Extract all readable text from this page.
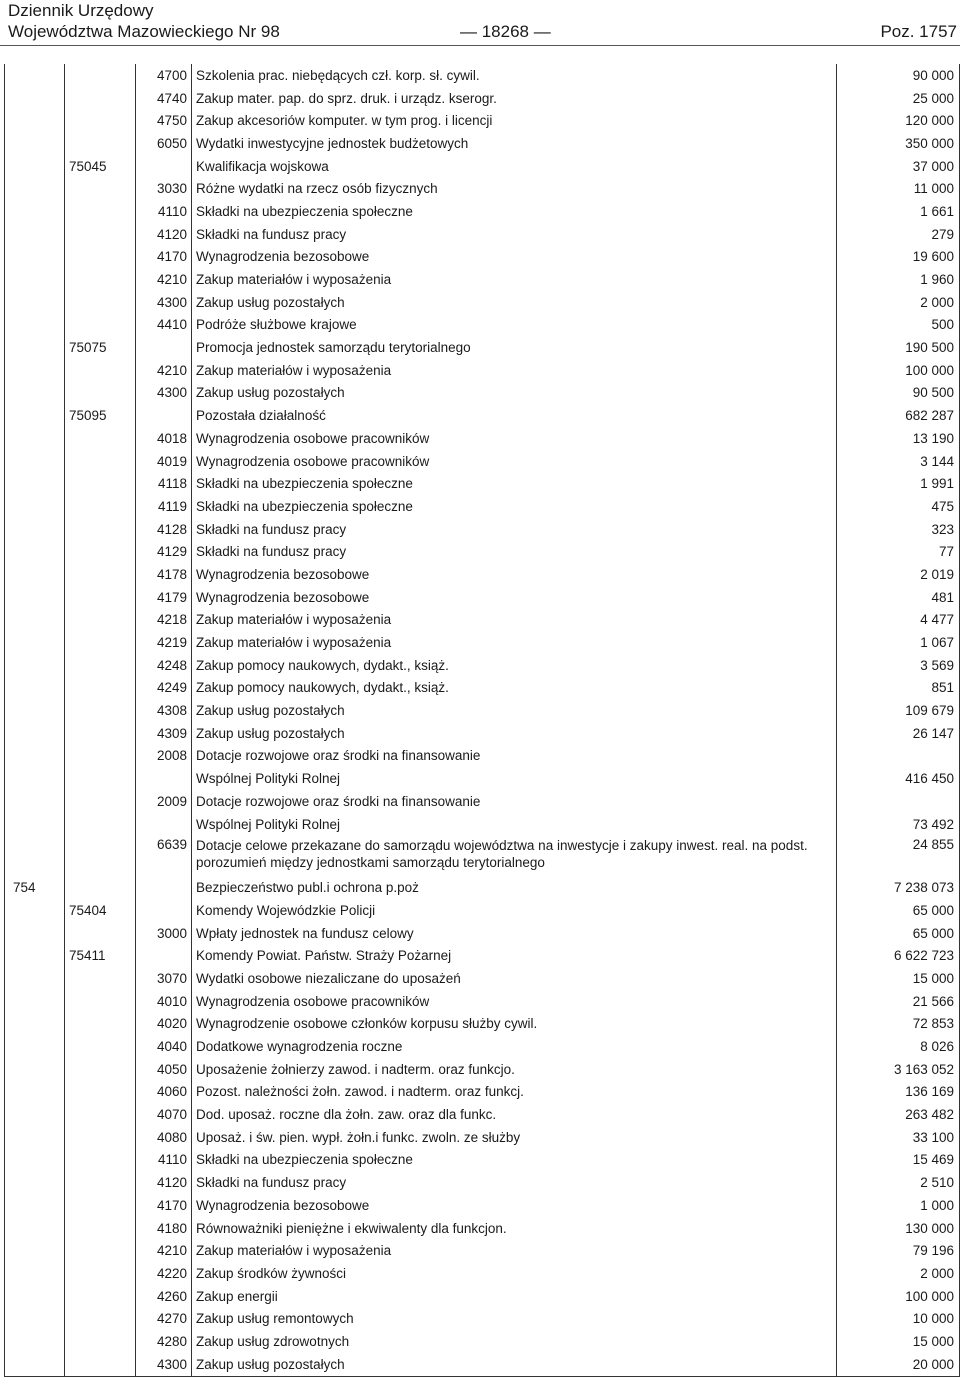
Dziennik Urzędowy
Województwa Mazowieckiego Nr 98	— 18268 —	Poz. 1757
		4700	Szkolenia prac. niebędących czł. korp. sł. cywil.	90 000
		4740	Zakup mater. pap. do sprz. druk. i urządz. kserogr.	25 000
		4750	Zakup akcesoriów komputer. w tym prog. i licencji	120 000
		6050	Wydatki inwestycyjne jednostek budżetowych	350 000
	75045		Kwalifikacja wojskowa	37 000
		3030	Różne wydatki na rzecz osób fizycznych	11 000
		4110	Składki na ubezpieczenia społeczne	1 661
		4120	Składki na fundusz pracy	279
		4170	Wynagrodzenia bezosobowe	19 600
		4210	Zakup materiałów i wyposażenia	1 960
		4300	Zakup usług pozostałych	2 000
		4410	Podróże służbowe krajowe	500
	75075		Promocja jednostek samorządu terytorialnego	190 500
		4210	Zakup materiałów i wyposażenia	100 000
		4300	Zakup usług pozostałych	90 500
	75095		Pozostała działalność	682 287
		4018	Wynagrodzenia osobowe pracowników	13 190
		4019	Wynagrodzenia osobowe pracowników	3 144
		4118	Składki na ubezpieczenia społeczne	1 991
		4119	Składki na ubezpieczenia społeczne	475
		4128	Składki na fundusz pracy	323
		4129	Składki na fundusz pracy	77
		4178	Wynagrodzenia bezosobowe	2 019
		4179	Wynagrodzenia bezosobowe	481
		4218	Zakup materiałów i wyposażenia	4 477
		4219	Zakup materiałów i wyposażenia	1 067
		4248	Zakup pomocy naukowych, dydakt., książ.	3 569
		4249	Zakup pomocy naukowych, dydakt., książ.	851
		4308	Zakup usług pozostałych	109 679
		4309	Zakup usług pozostałych	26 147
		2008	Dotacje rozwojowe oraz środki na finansowanie	
			Wspólnej Polityki Rolnej	416 450
		2009	Dotacje rozwojowe oraz środki na finansowanie	
			Wspólnej Polityki Rolnej	73 492
		6639	Dotacje celowe przekazane do samorządu województwa na inwestycje i zakupy inwest. real. na podst. porozumień między jednostkami samorządu terytorialnego	24 855
754			Bezpieczeństwo publ.i ochrona p.poż	7 238 073
	75404		Komendy Wojewódzkie Policji	65 000
		3000	Wpłaty jednostek na fundusz celowy	65 000
	75411		Komendy Powiat. Państw. Straży Pożarnej	6 622 723
		3070	Wydatki osobowe niezaliczane do uposażeń	15 000
		4010	Wynagrodzenia osobowe pracowników	21 566
		4020	Wynagrodzenie osobowe członków korpusu służby cywil.	72 853
		4040	Dodatkowe wynagrodzenia roczne	8 026
		4050	Uposażenie żołnierzy zawod. i nadterm. oraz funkcjo.	3 163 052
		4060	Pozost. należności żołn. zawod. i nadterm. oraz funkcj.	136 169
		4070	Dod. uposaż. roczne dla żołn. zaw. oraz dla funkc.	263 482
		4080	Uposaż. i św. pien. wypł. żołn.i funkc. zwoln. ze służby	33 100
		4110	Składki na ubezpieczenia społeczne	15 469
		4120	Składki na fundusz pracy	2 510
		4170	Wynagrodzenia bezosobowe	1 000
		4180	Równoważniki pieniężne i ekwiwalenty dla funkcjon.	130 000
		4210	Zakup materiałów i wyposażenia	79 196
		4220	Zakup środków żywności	2 000
		4260	Zakup energii	100 000
		4270	Zakup usług remontowych	10 000
		4280	Zakup usług zdrowotnych	15 000
		4300	Zakup usług pozostałych	20 000
